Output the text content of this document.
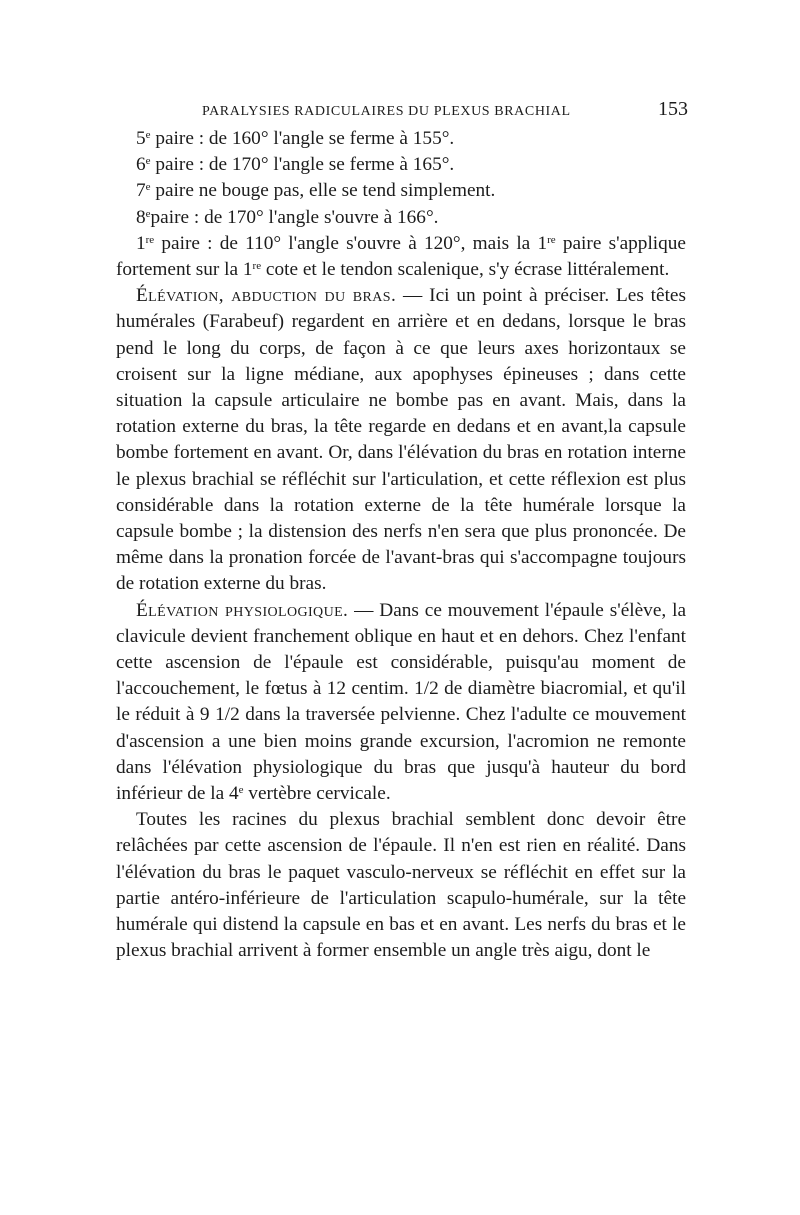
PARALYSIES RADICULAIRES DU PLEXUS BRACHIAL	153

5e paire : de 160° l'angle se ferme à 155°.

6e paire : de 170° l'angle se ferme à 165°.

7e paire ne bouge pas, elle se tend simplement.

8epaire : de 170° l'angle s'ouvre à 166°.

1re paire : de 110° l'angle s'ouvre à 120°, mais la 1re paire s'applique fortement sur la 1re cote et le tendon scalenique, s'y écrase littéralement.

Élévation, abduction du bras. — Ici un point à préciser. Les têtes humérales (Farabeuf) regardent en arrière et en dedans, lorsque le bras pend le long du corps, de façon à ce que leurs axes horizontaux se croisent sur la ligne médiane, aux apophyses épineuses ; dans cette situation la capsule articulaire ne bombe pas en avant. Mais, dans la rotation externe du bras, la tête regarde en dedans et en avant,la capsule bombe fortement en avant. Or, dans l'élévation du bras en rotation interne le plexus brachial se réfléchit sur l'articulation, et cette réflexion est plus considérable dans la rotation externe de la tête humérale lorsque la capsule bombe ; la distension des nerfs n'en sera que plus prononcée. De même dans la pronation forcée de l'avant-bras qui s'accompagne toujours de rotation externe du bras.

Élévation physiologique. — Dans ce mouvement l'épaule s'élève, la clavicule devient franchement oblique en haut et en dehors. Chez l'enfant cette ascension de l'épaule est considérable, puisqu'au moment de l'accouchement, le fœtus à 12 centim. 1/2 de diamètre biacromial, et qu'il le réduit à 9 1/2 dans la traversée pelvienne. Chez l'adulte ce mouvement d'ascension a une bien moins grande excursion, l'acromion ne remonte dans l'élévation physiologique du bras que jusqu'à hauteur du bord inférieur de la 4e vertèbre cervicale.

Toutes les racines du plexus brachial semblent donc devoir être relâchées par cette ascension de l'épaule. Il n'en est rien en réalité. Dans l'élévation du bras le paquet vasculo-nerveux se réfléchit en effet sur la partie antéro-inférieure de l'articulation scapulo-humérale, sur la tête humérale qui distend la capsule en bas et en avant. Les nerfs du bras et le plexus brachial arrivent à former ensemble un angle très aigu, dont le
